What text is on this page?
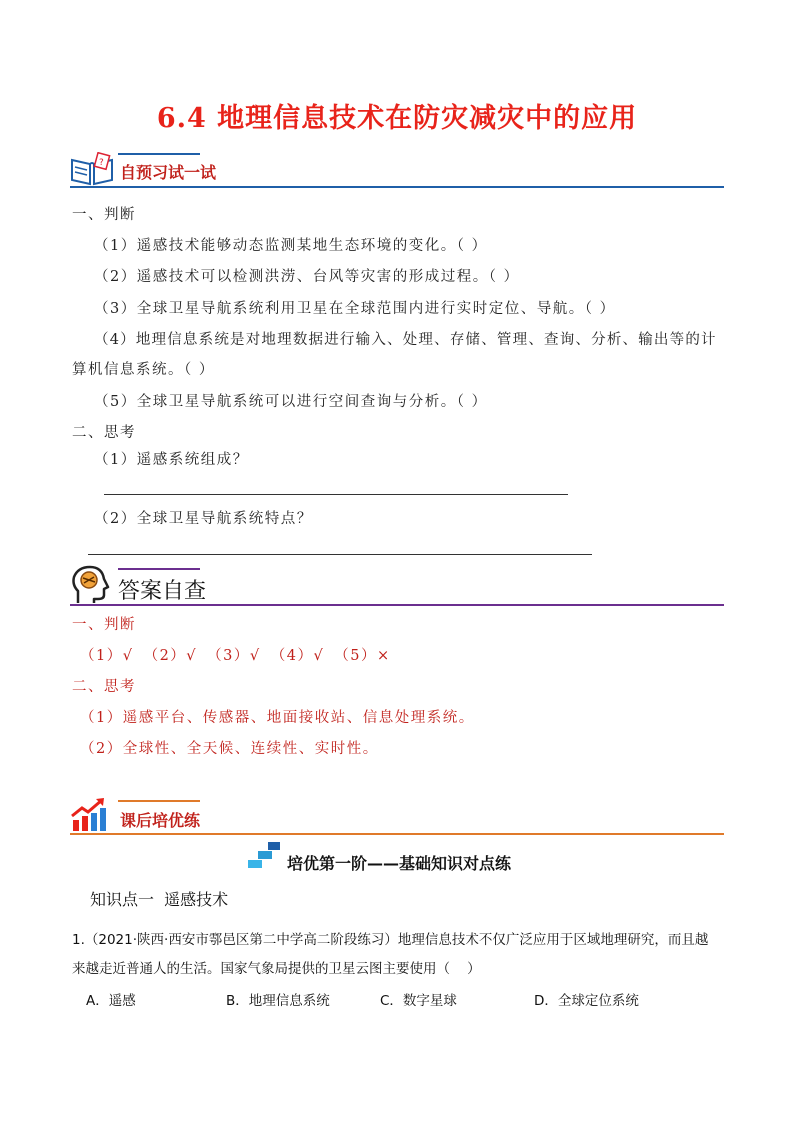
6.4 地理信息技术在防灾减灾中的应用
? 自预习试一试
一、判断
（1）遥感技术能够动态监测某地生态环境的变化。（ ）
（2）遥感技术可以检测洪涝、台风等灾害的形成过程。（ ）
（3）全球卫星导航系统利用卫星在全球范围内进行实时定位、导航。（ ）
（4）地理信息系统是对地理数据进行输入、处理、存储、管理、查询、分析、输出等的计
算机信息系统。（ ）
（5）全球卫星导航系统可以进行空间查询与分析。（ ）
二、思考
（1）遥感系统组成？
（2）全球卫星导航系统特点？
答案自查
一、判断
（1）√ （2）√ （3）√ （4）√ （5）×
二、思考
（1）遥感平台、传感器、地面接收站、信息处理系统。
（2）全球性、全天候、连续性、实时性。
课后培优练
培优第一阶——基础知识对点练
知识点一  遥感技术
1.（2021·陕西·西安市鄠邑区第二中学高二阶段练习）地理信息技术不仅广泛应用于区域地理研究，而且越
来越走近普通人的生活。国家气象局提供的卫星云图主要使用（    ）
A．遥感	B．地理信息系统	C．数字星球	D．全球定位系统
